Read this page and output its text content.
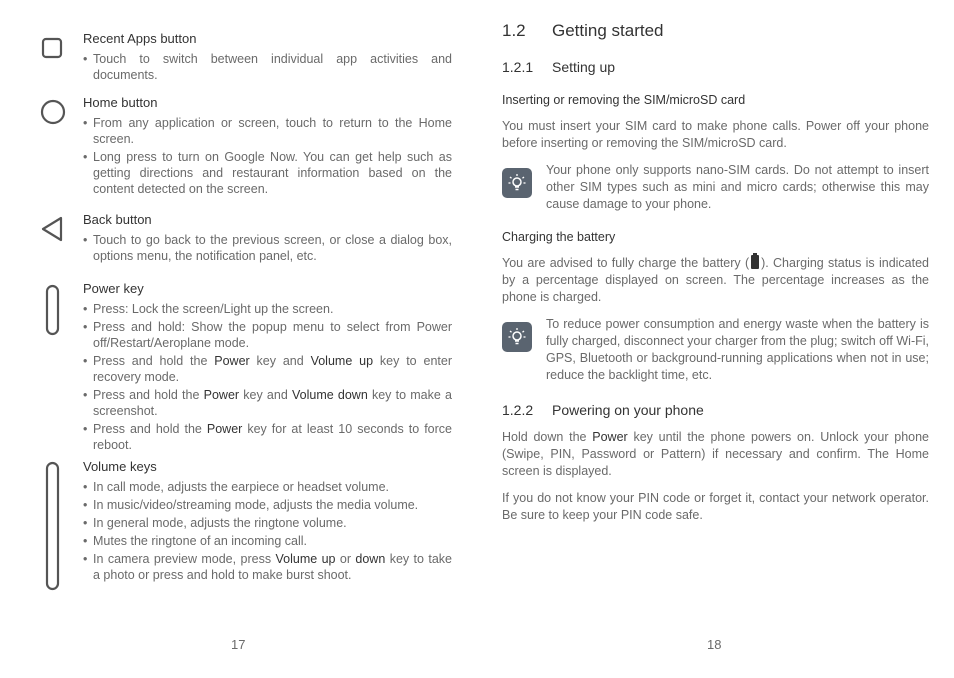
Recent Apps button
• Touch to switch between individual app activities and documents.
Home button
• From any application or screen, touch to return to the Home screen.
• Long press to turn on Google Now. You can get help such as getting directions and restaurant information based on the content detected on the screen.
Back button
• Touch to go back to the previous screen, or close a dialog box, options menu, the notification panel, etc.
Power key
• Press: Lock the screen/Light up the screen.
• Press and hold: Show the popup menu to select from Power off/Restart/Aeroplane mode.
• Press and hold the Power key and Volume up key to enter recovery mode.
• Press and hold the Power key and Volume down key to make a screenshot.
• Press and hold the Power key for at least 10 seconds to force reboot.
Volume keys
• In call mode, adjusts the earpiece or headset volume.
• In music/video/streaming mode, adjusts the media volume.
• In general mode, adjusts the ringtone volume.
• Mutes the ringtone of an incoming call.
• In camera preview mode, press Volume up or down key to take a photo or press and hold to make burst shoot.
17
1.2 Getting started
1.2.1 Setting up
Inserting or removing the SIM/microSD card

You must insert your SIM card to make phone calls. Power off your phone before inserting or removing the SIM/microSD card.

Your phone only supports nano-SIM cards. Do not attempt to insert other SIM types such as mini and micro cards; otherwise this may cause damage to your phone.

Charging the battery

You are advised to fully charge the battery ( ). Charging status is indicated by a percentage displayed on screen. The percentage increases as the phone is charged.

To reduce power consumption and energy waste when the battery is fully charged, disconnect your charger from the plug; switch off Wi-Fi, GPS, Bluetooth or background-running applications when not in use; reduce the backlight time, etc.

1.2.2 Powering on your phone

Hold down the Power key until the phone powers on. Unlock your phone (Swipe, PIN, Password or Pattern) if necessary and confirm. The Home screen is displayed.

If you do not know your PIN code or forget it, contact your network operator. Be sure to keep your PIN code safe.

18
